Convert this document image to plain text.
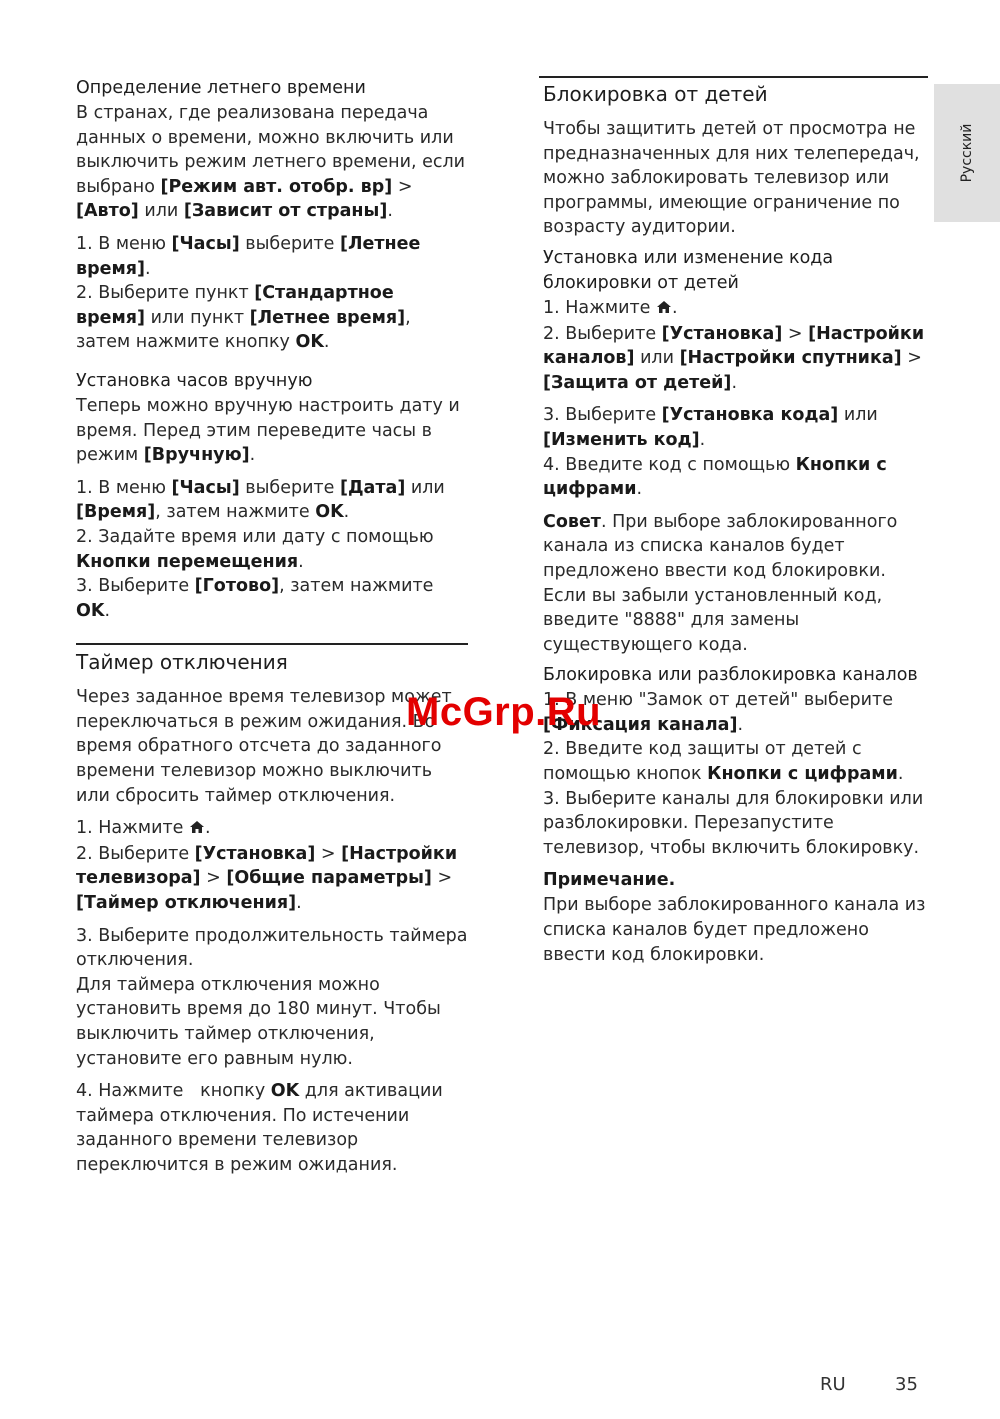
Русский
Определение летнего времени

В странах, где реализована передача данных о времени, можно включить или выключить режим летнего времени, если выбрано [Режим авт. отобр. вр] > [Авто] или [Зависит от страны].

1. В меню [Часы] выберите [Летнее время].

2. Выберите пункт [Стандартное время] или пункт [Летнее время], затем нажмите кнопку OK.

Установка часов вручную

Теперь можно вручную настроить дату и время. Перед этим переведите часы в режим [Вручную].

1. В меню [Часы] выберите [Дата] или [Время], затем нажмите OK.

2. Задайте время или дату с помощью Кнопки перемещения.

3. Выберите [Готово], затем нажмите OK.

Таймер отключения

Через заданное время телевизор может переключаться в режим ожидания. Во время обратного отсчета до заданного времени телевизор можно выключить или сбросить таймер отключения.

1. Нажмите .

2. Выберите [Установка] > [Настройки телевизора] > [Общие параметры] > [Таймер отключения].

3. Выберите продолжительность таймера отключения.

Для таймера отключения можно установить время до 180 минут. Чтобы выключить таймер отключения, установите его равным нулю.

4. Нажмите   кнопку OK для активации таймера отключения. По истечении заданного времени телевизор переключится в режим ожидания.

Блокировка от детей

Чтобы защитить детей от просмотра не предназначенных для них телепередач, можно заблокировать телевизор или программы, имеющие ограничение по возрасту аудитории.

Установка или изменение кода блокировки от детей

1. Нажмите .

2. Выберите [Установка] > [Настройки каналов] или [Настройки спутника] > [Защита от детей].

3. Выберите [Установка кода] или [Изменить код].

4. Введите код с помощью Кнопки с цифрами.

Совет. При выборе заблокированного канала из списка каналов будет предложено ввести код блокировки. Если вы забыли установленный код, введите "8888" для замены существующего кода.

Блокировка или разблокировка каналов

1. В меню "Замок от детей" выберите [Фиксация канала].

2. Введите код защиты от детей с помощью кнопок Кнопки с цифрами.

3. Выберите каналы для блокировки или разблокировки. Перезапустите телевизор, чтобы включить блокировку.

Примечание.

При выборе заблокированного канала из списка каналов будет предложено ввести код блокировки.

McGrp.Ru
RU	35
